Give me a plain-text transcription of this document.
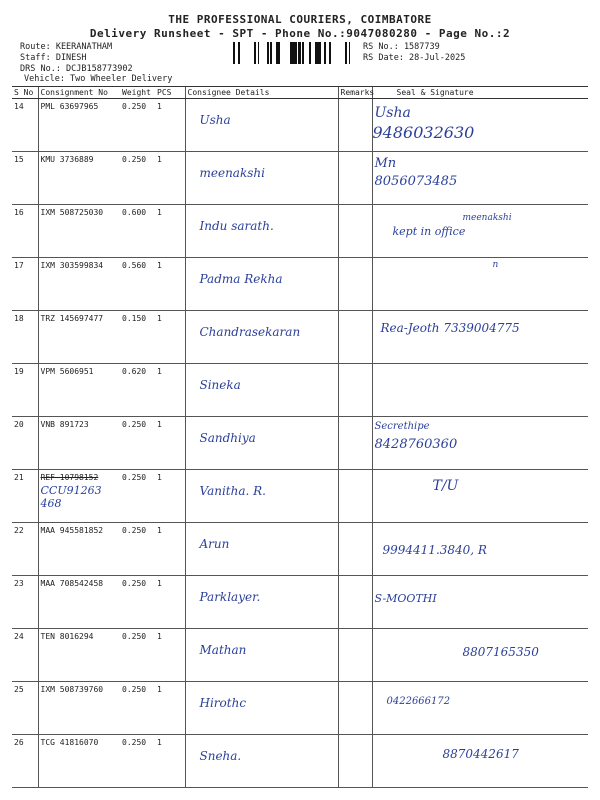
THE PROFESSIONAL COURIERS, COIMBATORE
Delivery Runsheet - SPT - Phone No.:9047080280 - Page No.:2
Route: KEERANATHAM
Staff: DINESH
DRS No.: DCJB158773902
Vehicle: Two Wheeler Delivery
RS No.: 1587739
RS Date: 28-Jul-2025
S No	Consignment No	Weight	PCS	Consignee Details	Remarks	Seal & Signature
14	PML 63697965	0.250	1	Usha		Usha
9486032630

15	KMU 3736889	0.250	1	meenakshi		Mn
8056073485

16	IXM 508725030	0.600	1	Indu sarath.		meenakshi
kept in office

17	IXM 303599834	0.560	1	Padma Rekha		n

18	TRZ 145697477	0.150	1	Chandrasekaran		Rea-Jeoth 7339004775

19	VPM 5606951	0.620	1	Sineka		
20	VNB 891723	0.250	1	Sandhiya		Secrethipe
8428760360

21	REF 10798152
CCU91263 468	0.250	1	Vanitha. R.		T/U

22	MAA 945581852	0.250	1	Arun		9994411.3840, R

23	MAA 708542458	0.250	1	Parklayer.		S-MOOTHI

24	TEN 8016294	0.250	1	Mathan		8807165350

25	IXM 508739760	0.250	1	Hirothc		0422666172

26	TCG 41816070	0.250	1	Sneha.		8870442617
